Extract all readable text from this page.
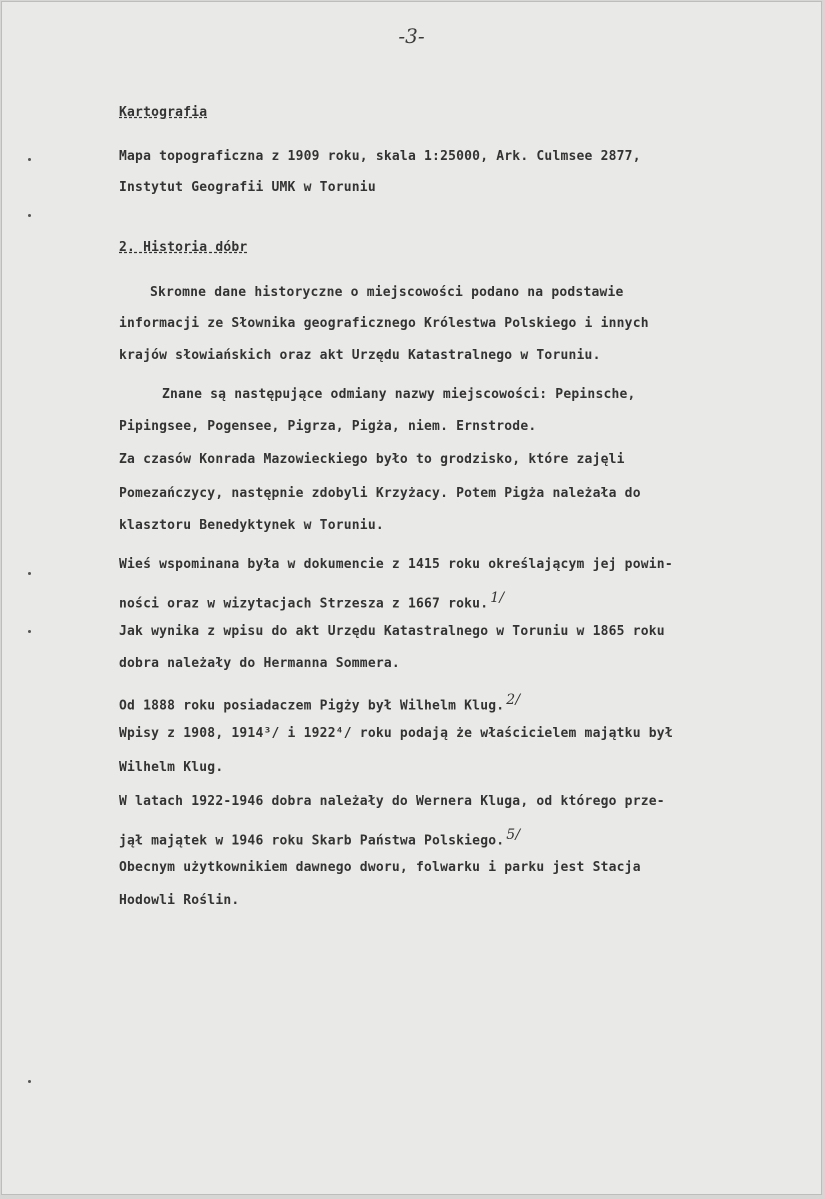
-3-
Kartografia
Mapa topograficzna z 1909 roku, skala 1:25000, Ark. Culmsee 2877,
Instytut Geografii UMK w Toruniu
2. Historia dóbr
Skromne dane historyczne o miejscowości podano na podstawie
informacji ze Słownika geograficznego Królestwa Polskiego i innych
krajów słowiańskich oraz akt Urzędu Katastralnego w Toruniu.
Znane są następujące odmiany nazwy miejscowości: Pepinsche,
Pipingsee, Pogensee, Pigrza, Pigża, niem. Ernstrode.
Za czasów Konrada Mazowieckiego było to grodzisko, które zajęli
Pomezańczycy, następnie zdobyli Krzyżacy. Potem Pigża należała do
klasztoru Benedyktynek w Toruniu.
Wieś wspominana była w dokumencie z 1415 roku określającym jej powin-
ności oraz w wizytacjach Strzesza z 1667 roku. $^{1/}$
Jak wynika z wpisu do akt Urzędu Katastralnego w Toruniu w 1865 roku
dobra należały do Hermanna Sommera.
Od 1888 roku posiadaczem Pigży był Wilhelm Klug. $^{2/}$
Wpisy z 1908, 1914³/ i 1922⁴/ roku podają że właścicielem majątku był
Wilhelm Klug.
W latach 1922-1946 dobra należały do Wernera Kluga, od którego prze-
jął majątek w 1946 roku Skarb Państwa Polskiego. $^{5/}$
Obecnym użytkownikiem dawnego dworu, folwarku i parku jest Stacja
Hodowli Roślin.
